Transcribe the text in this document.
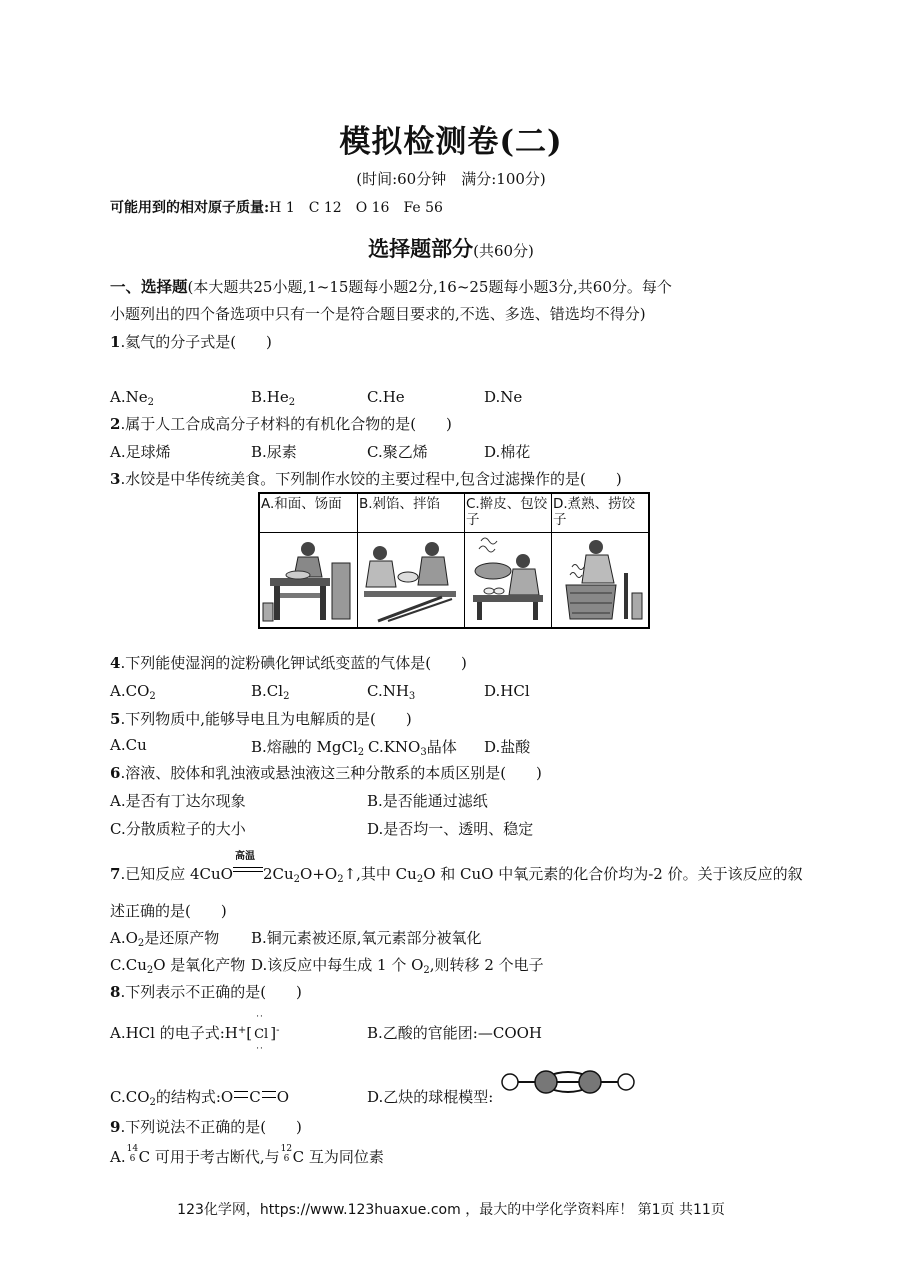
模拟检测卷(二)
(时间:60分钟　满分:100分)
可能用到的相对原子质量:H 1　C 12　O 16　Fe 56
选择题部分(共60分)
一、选择题(本大题共25小题,1~15题每小题2分,16~25题每小题3分,共60分。每个
小题列出的四个备选项中只有一个是符合题目要求的,不选、多选、错选均不得分)
1.氦气的分子式是(　　)
$A.Ne_2$	$B.He_2$	C.He	D.Ne
2.属于人工合成高分子材料的有机化合物的是(　　)
A.足球烯	B.尿素	C.聚乙烯	D.棉花
3.水饺是中华传统美食。下列制作水饺的主要过程中,包含过滤操作的是(　　)
A.和面、饧面	B.剁馅、拌馅	C.擀皮、包饺子	D.煮熟、捞饺子

4.下列能使湿润的淀粉碘化钾试纸变蓝的气体是(　　)
$A.CO_2$	$B.Cl_2$	$C.NH_3$	D.HCl
5.下列物质中,能够导电且为电解质的是(　　)
A.Cu	B.熔融的 MgCl$_2$ $C.KNO_3$晶体 D.盐酸
6.溶液、胶体和乳浊液或悬浊液这三种分散系的本质区别是(　　)
A.是否有丁达尔现象	B.是否能通过滤纸
C.分散质粒子的大小	D.是否均一、透明、稳定
7.已知反应 4CuO
高温
$2Cu_2O+O_2↑$,其中 $Cu_2O$ 和 CuO 中氧元素的化合价均为-2 价。关于该反应的叙
述正确的是(　　)
$A.O_2$是还原产物 B.铜元素被还原,氧元素部分被氧化
$C.Cu_2O$ 是氧化产物 D.该反应中每生成 1 个 $O_2$,则转移 2 个电子
8.下列表示不正确的是(　　)
A.HCl 的电子式:H+[
··
Cl
··
]-	B.乙酸的官能团:—COOH
$C.CO_2$的结构式:O C O	D.乙炔的球棍模型:
9.下列说法不正确的是(　　)
A. 14
6 C 可用于考古断代,与 12
6 C 互为同位素
123化学网，https://www.123huaxue.com ，最大的中学化学资料库！ 第1页 共11页
